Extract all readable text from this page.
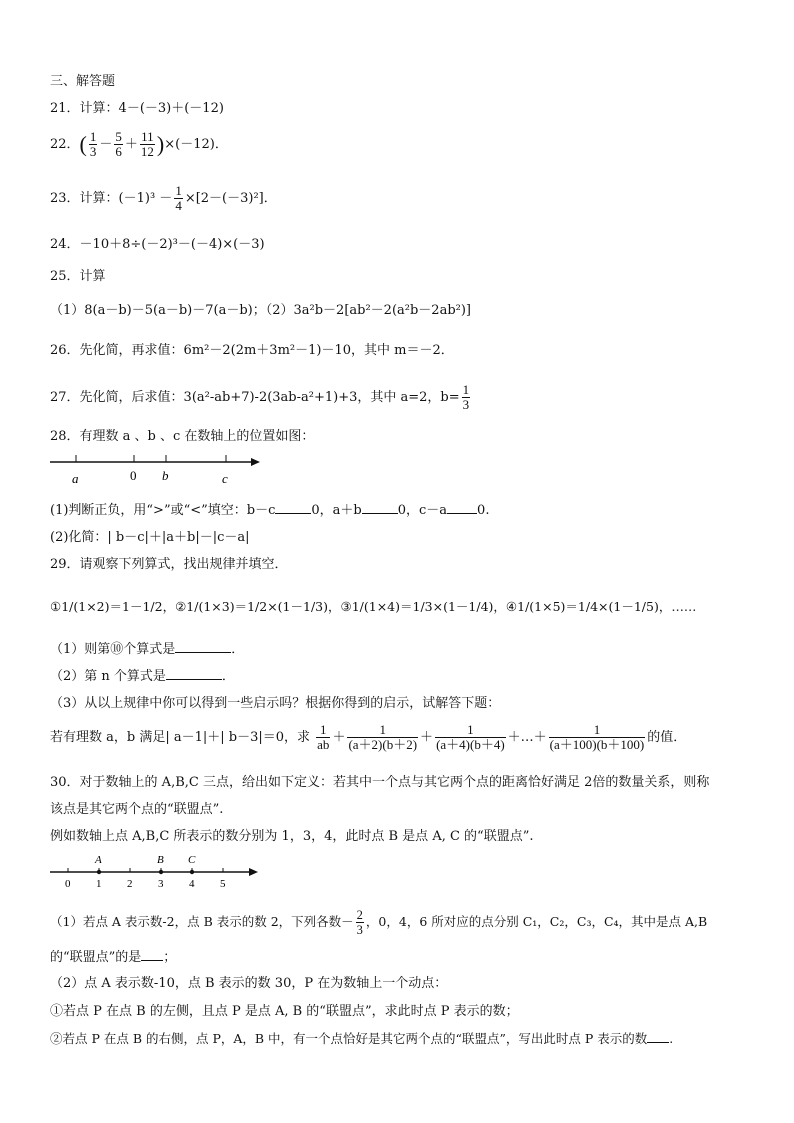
三、解答题
21．计算：4－(－3)＋(－12)
22．( $\frac{1}{3} - \frac{5}{6} + \frac{11}{12} )\times(-12)$．
23．计算：$(-1)^3 - \frac{1}{4} \times[2-(-3)^2]$．
24．－10＋8÷(－2)³－(－4)×(－3)
25．计算
（1）8(a－b)－5(a－b)－7(a－b)；（2）3a²b－2[ab²－2(a²b－2ab²)]
26．先化简，再求值：6m²－2(2m＋3m²－1)－10，其中 m＝－2．
27．先化简，后求值：3(a²-ab+7)-2(3ab-a²+1)+3，其中 a=2，$b= \frac{1}{3}$
28．有理数 a 、b 、c 在数轴上的位置如图：
a	0 b	c
(1)判断正负，用“>”或“<”填空：b－c	0，a＋b	0，c－a 0.
(2)化简：| b－c|＋|a＋b|－|c－a|
29．请观察下列算式，找出规律并填空．
①1/(1×2)＝1－1/2，②1/(1×3)＝1/2×(1－1/3)，③1/(1×4)＝1/3×(1－1/4)，④1/(1×5)＝1/4×(1－1/5)，……
（1）则第⑩个算式是	．
（2）第 n 个算式是	．
（3）从以上规律中你可以得到一些启示吗？根据你得到的启示，试解答下题：
若有理数 a，b 满足| a－1|＋| b－3|＝0，求 $\frac{1}{ab} + \frac{1}{(a+2)(b+2)} + \frac{1}{(a+4)(b+4)}$ ＋…＋ $\frac{1}{(a+100)(b+100)}$ 的值．
30．对于数轴上的 A,B,C 三点，给出如下定义：若其中一个点与其它两个点的距离恰好满足 2倍的数量关系，则称
该点是其它两个点的“联盟点”.
例如数轴上点 A,B,C 所表示的数分别为 1，3，4，此时点 B 是点 A, C 的“联盟点”.
A	B C
0 1 2 3 4 5
（1）若点 A 表示数-2，点 B 表示的数 2，下列各数－ $\frac{2}{3}$ ，0，4，6 所对应的点分别 C₁，C₂，C₃，C₄，其中是点 A,B
的“联盟点”的是 ；
（2）点 A 表示数-10，点 B 表示的数 30，P 在为数轴上一个动点：
①若点 P 在点 B 的左侧，且点 P 是点 A, B 的“联盟点”，求此时点 P 表示的数；
②若点 P 在点 B 的右侧，点 P，A，B 中，有一个点恰好是其它两个点的“联盟点”，写出此时点 P 表示的数 .
